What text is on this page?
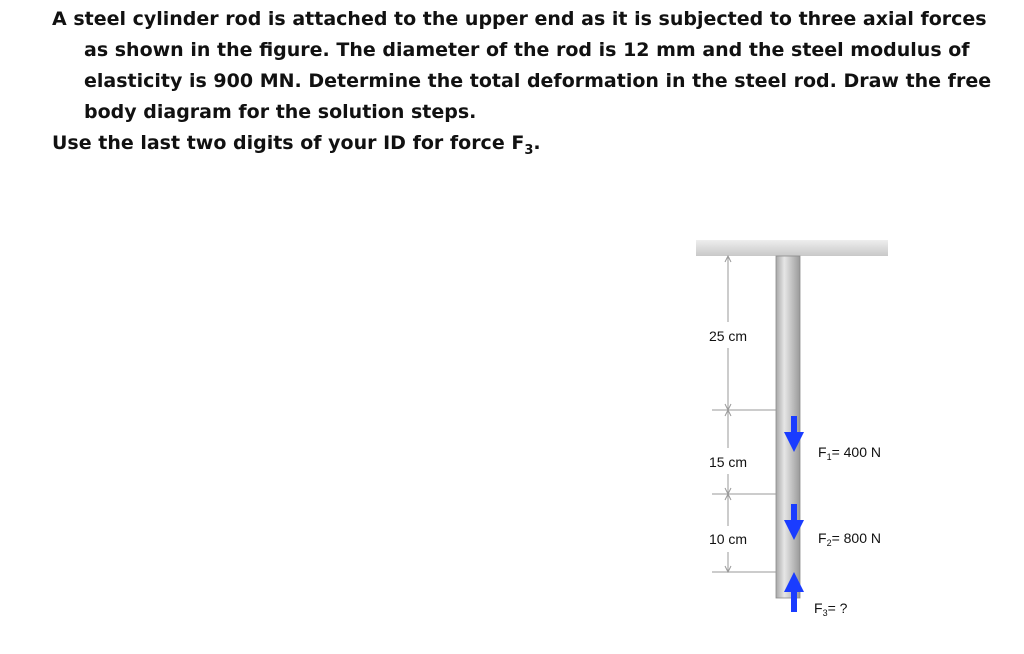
A steel cylinder rod is attached to the upper end as it is subjected to three axial forces as shown in the figure. The diameter of the rod is 12 mm and the steel modulus of elasticity is 900 MN. Determine the total deformation in the steel rod. Draw the free body diagram for the solution steps.

Use the last two digits of your ID for force $F_3$.

25 cm
15 cm
10 cm
$F_1= 400$ N
$F_2= 800$ N
$F_3=$ ?
